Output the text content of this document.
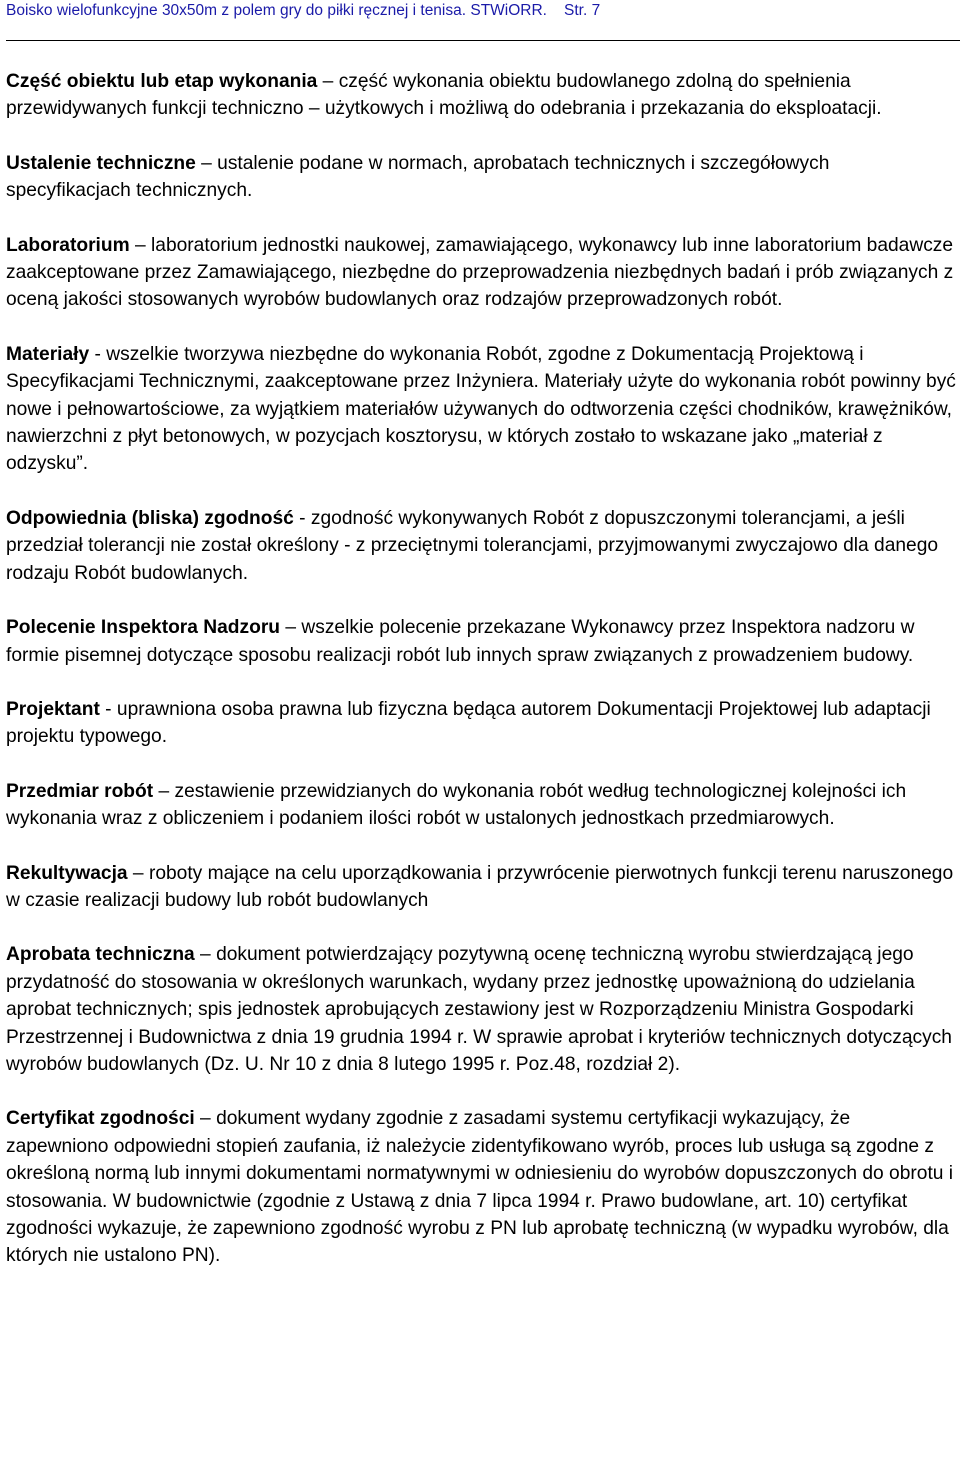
Boisko wielofunkcyjne 30x50m z polem gry do piłki ręcznej i tenisa. STWiORR. Str. 7

Część obiektu lub etap wykonania – część wykonania obiektu budowlanego zdolną do spełnienia przewidywanych funkcji techniczno – użytkowych i możliwą do odebrania i przekazania do eksploatacji.

Ustalenie techniczne – ustalenie podane w normach, aprobatach technicznych i szczegółowych specyfikacjach technicznych.

Laboratorium – laboratorium jednostki naukowej, zamawiającego, wykonawcy lub inne laboratorium badawcze zaakceptowane przez Zamawiającego, niezbędne do przeprowadzenia niezbędnych badań i prób związanych z oceną jakości stosowanych wyrobów budowlanych oraz rodzajów przeprowadzonych robót.

Materiały - wszelkie tworzywa niezbędne do wykonania Robót, zgodne z Dokumentacją Projektową i Specyfikacjami Technicznymi, zaakceptowane przez Inżyniera. Materiały użyte do wykonania robót powinny być nowe i pełnowartościowe, za wyjątkiem materiałów używanych do odtworzenia części chodników, krawężników, nawierzchni z płyt betonowych, w pozycjach kosztorysu, w których zostało to wskazane jako „materiał z odzysku”.

Odpowiednia (bliska) zgodność - zgodność wykonywanych Robót z dopuszczonymi tolerancjami, a jeśli przedział tolerancji nie został określony - z przeciętnymi tolerancjami, przyjmowanymi zwyczajowo dla danego rodzaju Robót budowlanych.

Polecenie Inspektora Nadzoru – wszelkie polecenie przekazane Wykonawcy przez Inspektora nadzoru w formie pisemnej dotyczące sposobu realizacji robót lub innych spraw związanych z prowadzeniem budowy.

Projektant - uprawniona osoba prawna lub fizyczna będąca autorem Dokumentacji Projektowej lub adaptacji projektu typowego.

Przedmiar robót – zestawienie przewidzianych do wykonania robót według technologicznej kolejności ich wykonania wraz z obliczeniem i podaniem ilości robót w ustalonych jednostkach przedmiarowych.

Rekultywacja – roboty mające na celu uporządkowania i przywrócenie pierwotnych funkcji terenu naruszonego w czasie realizacji budowy lub robót budowlanych

Aprobata techniczna – dokument potwierdzający pozytywną ocenę techniczną wyrobu stwierdzającą jego przydatność do stosowania w określonych warunkach, wydany przez jednostkę upoważnioną do udzielania aprobat technicznych; spis jednostek aprobujących zestawiony jest w Rozporządzeniu Ministra Gospodarki Przestrzennej i Budownictwa z dnia 19 grudnia 1994 r. W sprawie aprobat i kryteriów technicznych dotyczących wyrobów budowlanych (Dz. U. Nr 10 z dnia 8 lutego 1995 r. Poz.48, rozdział 2).

Certyfikat zgodności – dokument wydany zgodnie z zasadami systemu certyfikacji wykazujący, że zapewniono odpowiedni stopień zaufania, iż należycie zidentyfikowano wyrób, proces lub usługa są zgodne z określoną normą lub innymi dokumentami normatywnymi w odniesieniu do wyrobów dopuszczonych do obrotu i stosowania. W budownictwie (zgodnie z Ustawą z dnia 7 lipca 1994 r. Prawo budowlane, art. 10) certyfikat zgodności wykazuje, że zapewniono zgodność wyrobu z PN lub aprobatę techniczną (w wypadku wyrobów, dla których nie ustalono PN).
